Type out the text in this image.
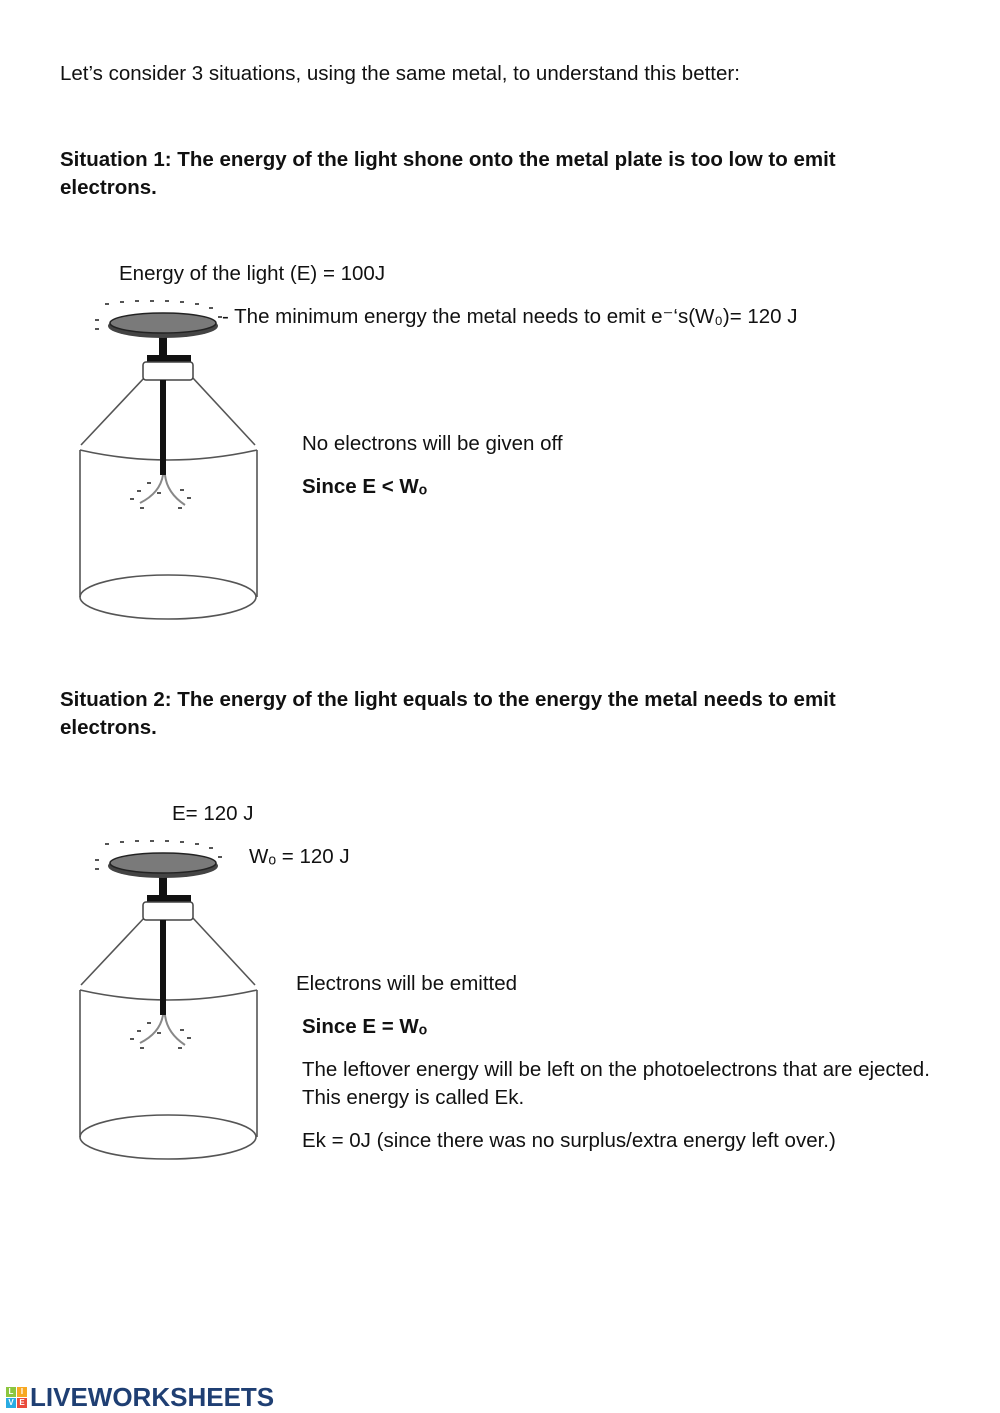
Let’s consider 3 situations, using the same metal, to understand this better:
Situation 1: The energy of the light shone onto the metal plate is too low to emit electrons.
Energy of the light (E) = 100J
- The minimum energy the metal needs to emit e⁻‘s(W₀)= 120 J
No electrons will be given off
Since E < Wₒ
Situation 2: The energy of the light equals to the energy the metal needs to emit electrons.
E= 120 J
Wₒ = 120 J
Electrons will be emitted
Since E = Wₒ
The leftover energy will be left on the photoelectrons that are ejected. This energy is called Ek.
Ek = 0J (since there was no surplus/extra energy left over.)
L I
V E LIVEWORKSHEETS
